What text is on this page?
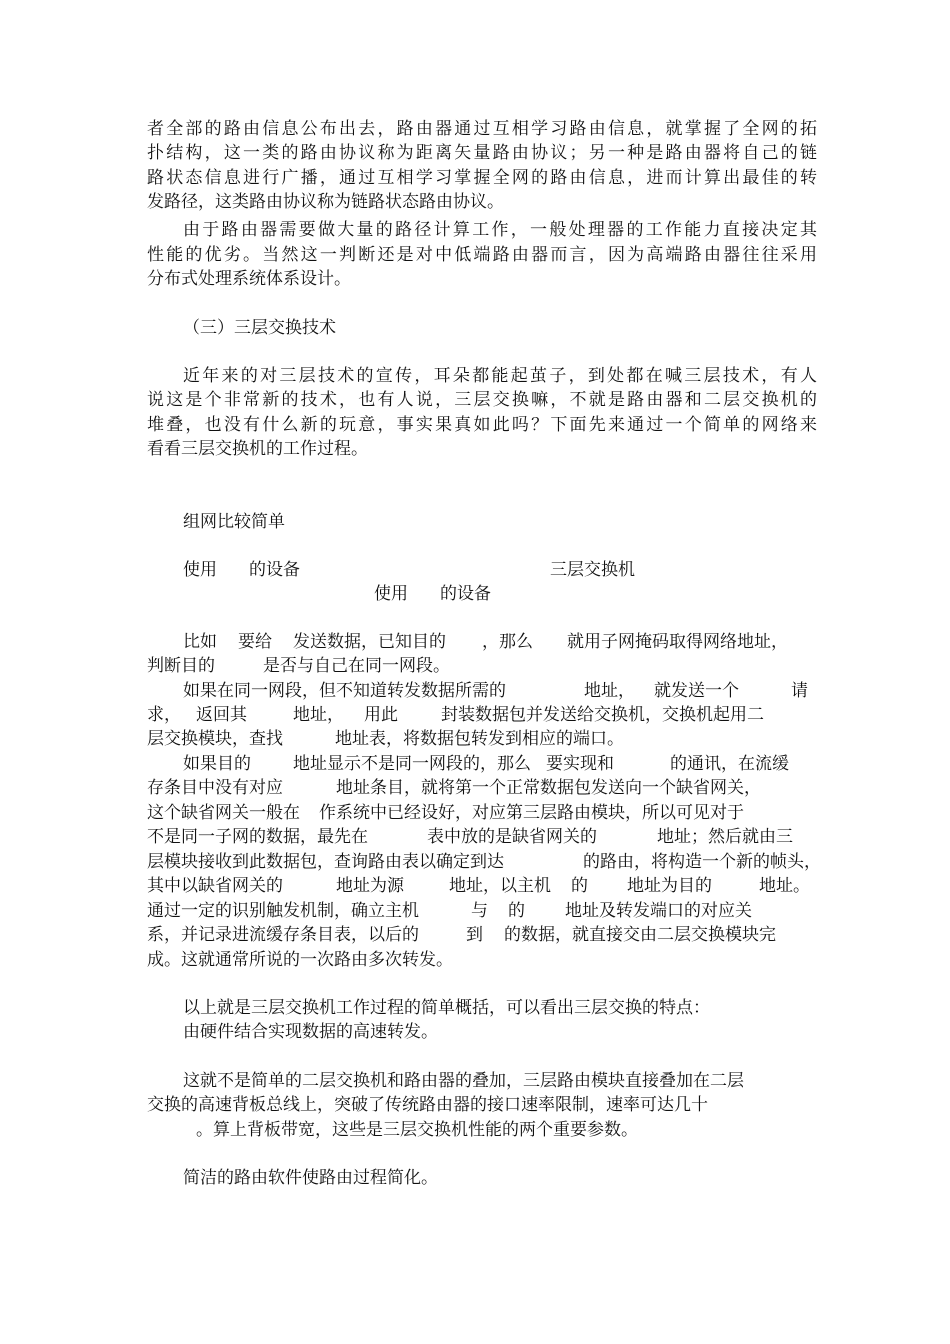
者全部的路由信息公布出去，路由器通过互相学习路由信息，就掌握了全网的拓
扑结构，这一类的路由协议称为距离矢量路由协议；另一种是路由器将自己的链
路状态信息进行广播，通过互相学习掌握全网的路由信息，进而计算出最佳的转
发路径，这类路由协议称为链路状态路由协议。
由于路由器需要做大量的路径计算工作，一般处理器的工作能力直接决定其
性能的优劣。当然这一判断还是对中低端路由器而言，因为高端路由器往往采用
分布式处理系统体系设计。
（三）三层交换技术
近年来的对三层技术的宣传，耳朵都能起茧子，到处都在喊三层技术，有人
说这是个非常新的技术，也有人说，三层交换嘛，不就是路由器和二层交换机的
堆叠，也没有什么新的玩意，事实果真如此吗？下面先来通过一个简单的网络来
看看三层交换机的工作过程。
组网比较简单
使用	的设备	三层交换机
使用	的设备
比如	要给	发送数据，已知目的	，那么	就用子网掩码取得网络地址，
判断目的	是否与自己在同一网段。
如果在同一网段，但不知道转发数据所需的	地址，	就发送一个	请
求， 返回其	地址，	用此	封装数据包并发送给交换机，交换机起用二
层交换模块，查找	地址表，将数据包转发到相应的端口。
如果目的	地址显示不是同一网段的，那么 要实现和	的通讯，在流缓
存条目中没有对应	地址条目，就将第一个正常数据包发送向一个缺省网关，
这个缺省网关一般在	作系统中已经设好，对应第三层路由模块，所以可见对于
不是同一子网的数据，最先在	表中放的是缺省网关的	地址；然后就由三
层模块接收到此数据包，查询路由表以确定到达	的路由，将构造一个新的帧头，
其中以缺省网关的	地址为源	地址，以主机	的	地址为目的	地址。
通过一定的识别触发机制，确立主机	与	的	地址及转发端口的对应关
系，并记录进流缓存条目表，以后的	到	的数据，就直接交由二层交换模块完
成。这就通常所说的一次路由多次转发。
以上就是三层交换机工作过程的简单概括，可以看出三层交换的特点：
由硬件结合实现数据的高速转发。
这就不是简单的二层交换机和路由器的叠加，三层路由模块直接叠加在二层
交换的高速背板总线上，突破了传统路由器的接口速率限制，速率可达几十
。算上背板带宽，这些是三层交换机性能的两个重要参数。
简洁的路由软件使路由过程简化。
